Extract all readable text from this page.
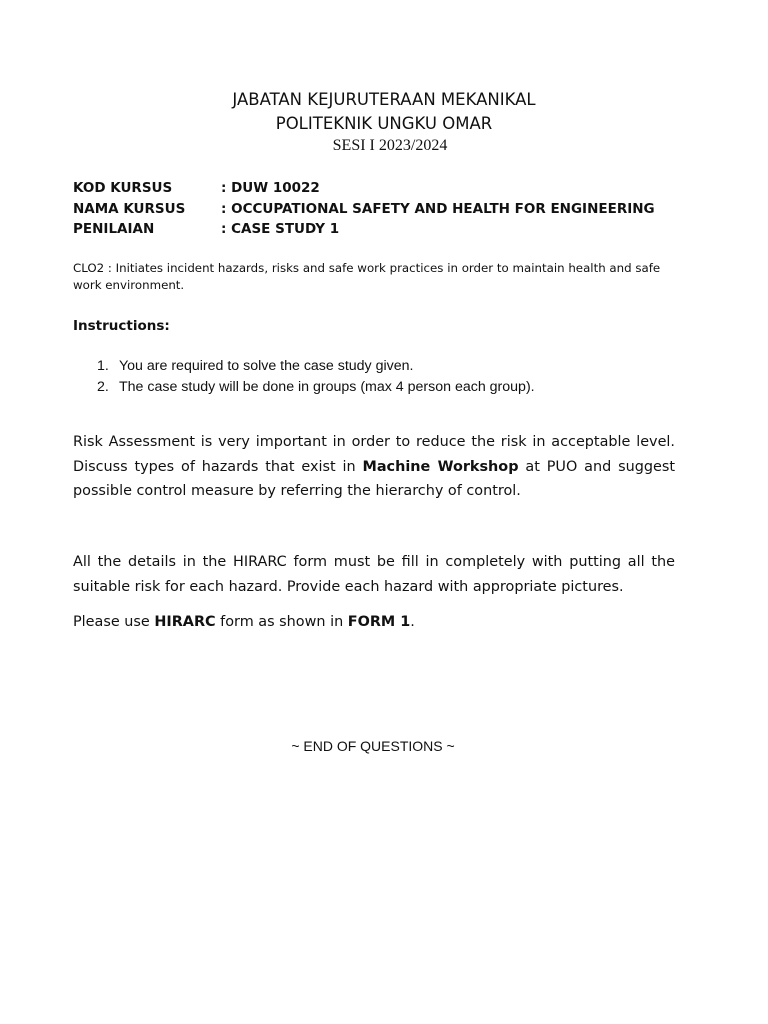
JABATAN KEJURUTERAAN MEKANIKAL
POLITEKNIK UNGKU OMAR
SESI I 2023/2024
KOD KURSUS	: DUW 10022
NAMA KURSUS	: OCCUPATIONAL SAFETY AND HEALTH FOR ENGINEERING
PENILAIAN	: CASE STUDY 1
CLO2 : Initiates incident hazards, risks and safe work practices in order to maintain health and safe work environment.
Instructions:
1. You are required to solve the case study given.
2. The case study will be done in groups (max 4 person each group).
Risk Assessment is very important in order to reduce the risk in acceptable level. Discuss types of hazards that exist in Machine Workshop at PUO and suggest possible control measure by referring the hierarchy of control.
All the details in the HIRARC form must be fill in completely with putting all the suitable risk for each hazard. Provide each hazard with appropriate pictures.
Please use HIRARC form as shown in FORM 1.
~ END OF QUESTIONS ~
